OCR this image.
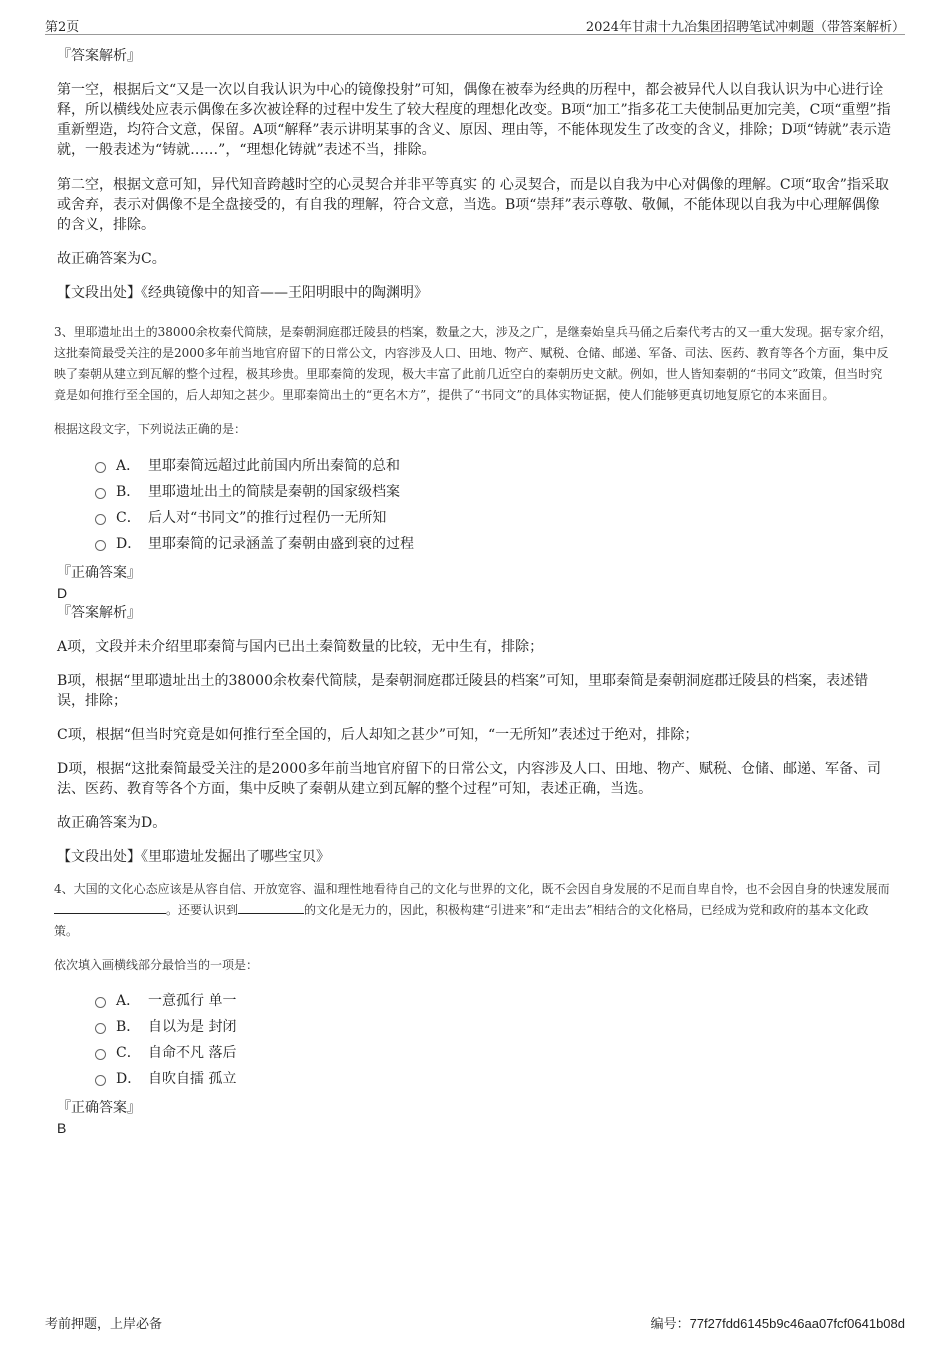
第2页	2024年甘肃十九冶集团招聘笔试冲刺题（带答案解析）

『答案解析』

第一空，根据后文“又是一次以自我认识为中心的镜像投射”可知，偶像在被奉为经典的历程中，都会被异代人以自我认识为中心进行诠释，所以横线处应表示偶像在多次被诠释的过程中发生了较大程度的理想化改变。B项“加工”指多花工夫使制品更加完美，C项“重塑”指重新塑造，均符合文意，保留。A项“解释”表示讲明某事的含义、原因、理由等，不能体现发生了改变的含义，排除；D项“铸就”表示造就，一般表述为“铸就……”，“理想化铸就”表述不当，排除。

第二空，根据文意可知，异代知音跨越时空的心灵契合并非平等真实 的 心灵契合，而是以自我为中心对偶像的理解。C项“取舍”指采取或舍弃，表示对偶像不是全盘接受的，有自我的理解，符合文意，当选。B项“崇拜”表示尊敬、敬佩，不能体现以自我为中心理解偶像的含义，排除。

故正确答案为C。

【文段出处】《经典镜像中的知音——王阳明眼中的陶渊明》

3、里耶遗址出土的38000余枚秦代简牍，是秦朝洞庭郡迁陵县的档案，数量之大，涉及之广，是继秦始皇兵马俑之后秦代考古的又一重大发现。据专家介绍，这批秦简最受关注的是2000多年前当地官府留下的日常公文，内容涉及人口、田地、物产、赋税、仓储、邮递、军备、司法、医药、教育等各个方面，集中反映了秦朝从建立到瓦解的整个过程，极其珍贵。里耶秦简的发现，极大丰富了此前几近空白的秦朝历史文献。例如，世人皆知秦朝的“书同文”政策，但当时究竟是如何推行至全国的，后人却知之甚少。里耶秦简出土的“更名木方”，提供了“书同文”的具体实物证据，使人们能够更真切地复原它的本来面目。

根据这段文字，下列说法正确的是：

A． 里耶秦简远超过此前国内所出秦简的总和
B． 里耶遗址出土的简牍是秦朝的国家级档案
C． 后人对“书同文”的推行过程仍一无所知
D． 里耶秦简的记录涵盖了秦朝由盛到衰的过程

『正确答案』

D

『答案解析』

A项，文段并未介绍里耶秦简与国内已出土秦简数量的比较，无中生有，排除；

B项，根据“里耶遗址出土的38000余枚秦代简牍，是秦朝洞庭郡迁陵县的档案”可知，里耶秦简是秦朝洞庭郡迁陵县的档案，表述错误，排除；

C项，根据“但当时究竟是如何推行至全国的，后人却知之甚少”可知，“一无所知”表述过于绝对，排除；

D项，根据“这批秦简最受关注的是2000多年前当地官府留下的日常公文，内容涉及人口、田地、物产、赋税、仓储、邮递、军备、司法、医药、教育等各个方面，集中反映了秦朝从建立到瓦解的整个过程”可知，表述正确，当选。

故正确答案为D。

【文段出处】《里耶遗址发掘出了哪些宝贝》

4、大国的文化心态应该是从容自信、开放宽容、温和理性地看待自己的文化与世界的文化，既不会因自身发展的不足而自卑自怜，也不会因自身的快速发展而。还要认识到	的文化是无力的，因此，积极构建“引进来”和“走出去”相结合的文化格局，已经成为党和政府的基本文化政策。

依次填入画横线部分最恰当的一项是：

A． 一意孤行 单一
B． 自以为是 封闭
C． 自命不凡 落后
D． 自吹自擂 孤立

『正确答案』

B

考前押题，上岸必备	编号：77f27fdd6145b9c46aa07fcf0641b08d
